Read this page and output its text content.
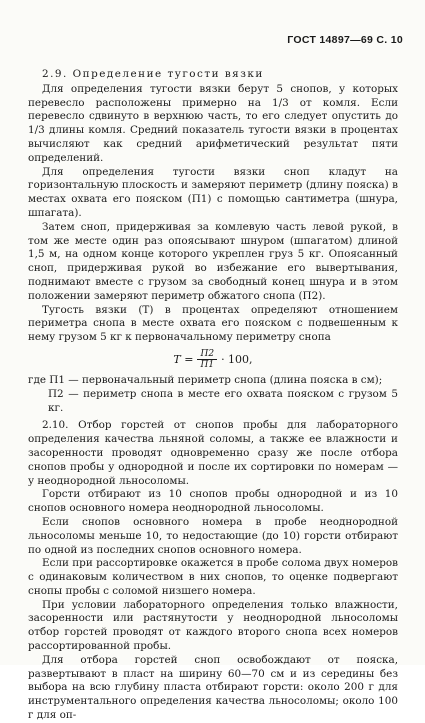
ГОСТ 14897—69 С. 10

2.9. Определение тугости вязки

Для определения тугости вязки берут 5 снопов, у которых перевесло расположены примерно на 1/3 от комля. Если перевесло сдвинуто в верхнюю часть, то его следует опустить до 1/3 длины комля. Средний показатель тугости вязки в процентах вычисляют как средний арифметический результат пяти определений.

Для определения тугости вязки сноп кладут на горизонтальную плоскость и замеряют периметр (длину пояска) в местах охвата его пояском (П1) с помощью сантиметра (шнура, шпагата).

Затем сноп, придерживая за комлевую часть левой рукой, в том же месте один раз опоясывают шнуром (шпагатом) длиной 1,5 м, на одном конце которого укреплен груз 5 кг. Опоясанный сноп, придерживая рукой во избежание его вывертывания, поднимают вместе с грузом за свободный конец шнура и в этом положении замеряют периметр обжатого снопа (П2).

Тугость вязки (Т) в процентах определяют отношением периметра снопа в месте охвата его пояском с подвешенным к нему грузом 5 кг к первоначальному периметру снопа

$T = \frac{П2}{П1} \cdot 100$,

где П1 — первоначальный периметр снопа (длина пояска в см);

П2 — периметр снопа в месте его охвата пояском с грузом 5 кг.

2.10. Отбор горстей от снопов пробы для лабораторного определения качества льняной соломы, а также ее влажности и засоренности проводят одновременно сразу же после отбора снопов пробы у однородной и после их сортировки по номерам — у неоднородной льносоломы.

Горсти отбирают из 10 снопов пробы однородной и из 10 снопов основного номера неоднородной льносоломы.

Если снопов основного номера в пробе неоднородной льносоломы меньше 10, то недостающие (до 10) горсти отбирают по одной из последних снопов основного номера.

Если при рассортировке окажется в пробе солома двух номеров с одинаковым количеством в них снопов, то оценке подвергают снопы пробы с соломой низшего номера.

При условии лабораторного определения только влажности, засоренности или растянутости у неоднородной льносоломы отбор горстей проводят от каждого второго снопа всех номеров рассортированной пробы.

Для отбора горстей сноп освобождают от пояска, развертывают в пласт на ширину 60—70 см и из середины без выбора на всю глубину пласта отбирают горсти: около 200 г для инструментального определения качества льносоломы; около 100 г для оп-
